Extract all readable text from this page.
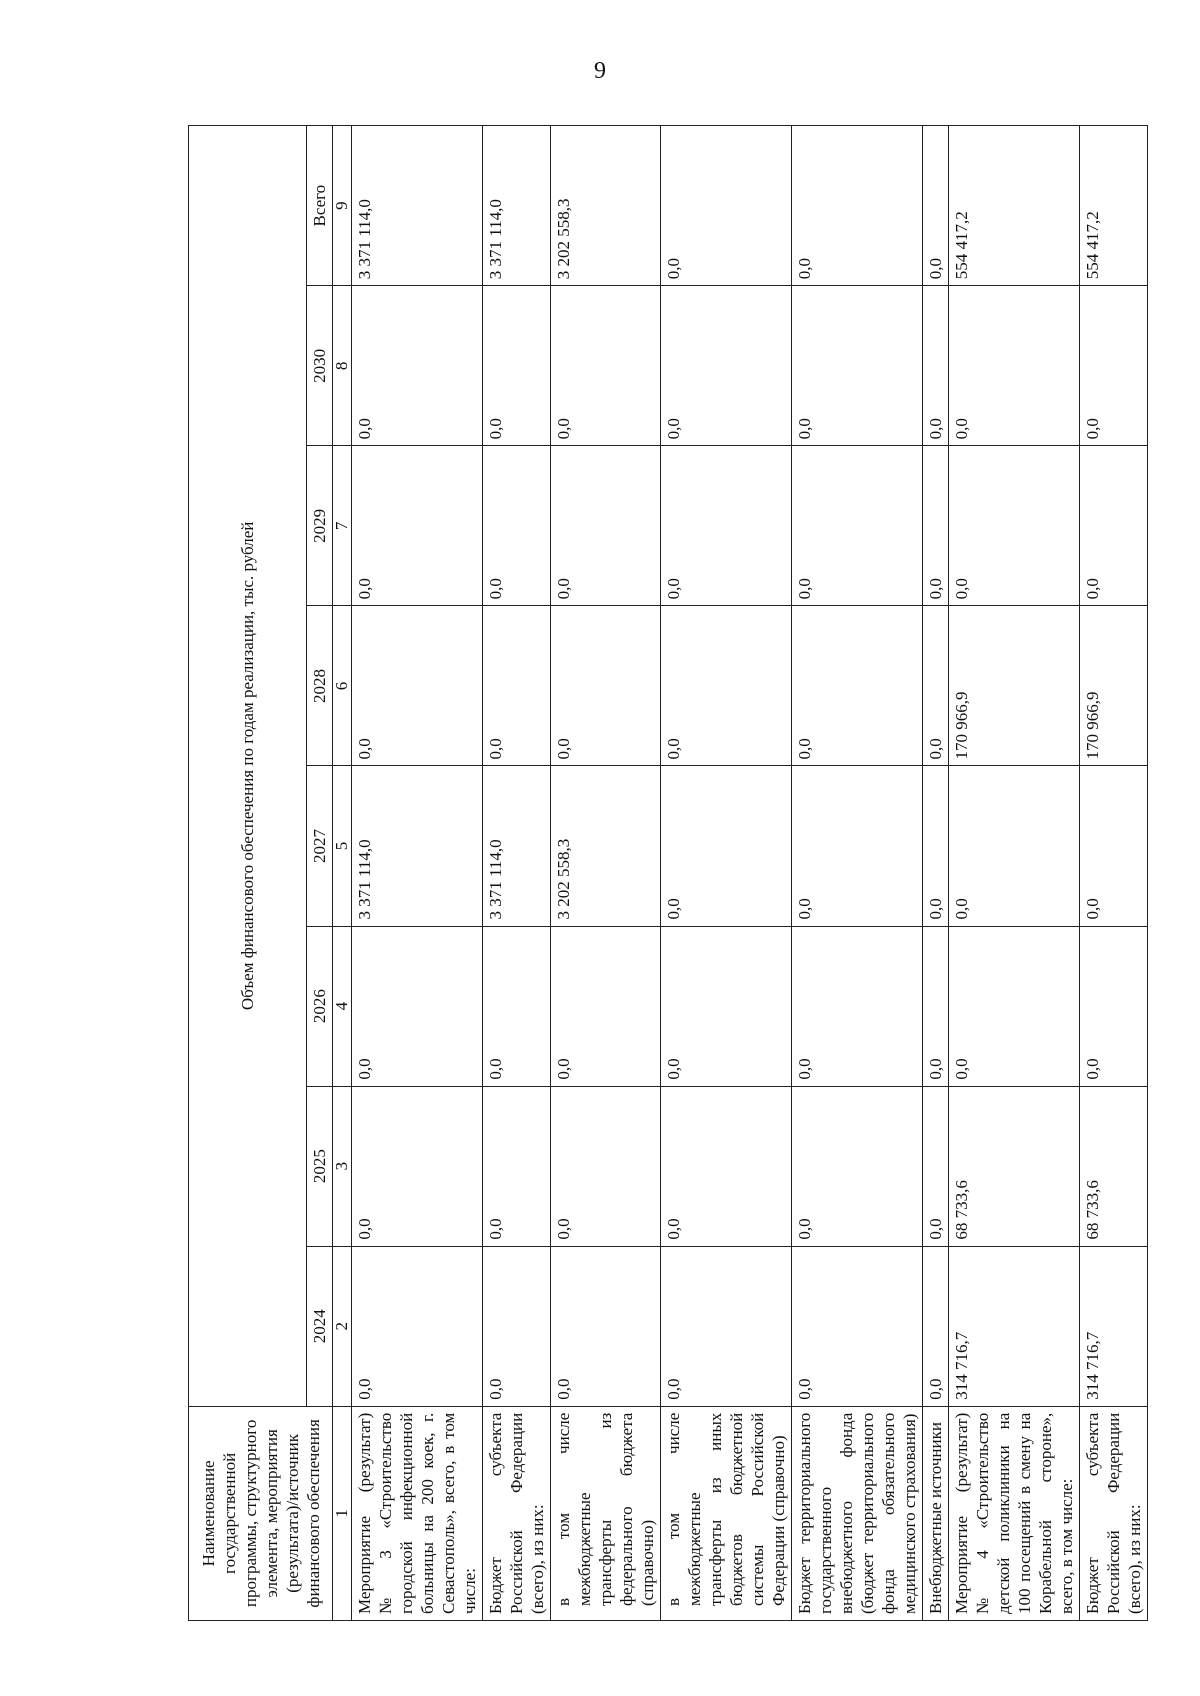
9
Наименование государственной программы, структурного элемента, мероприятия (результата)/источник финансового обеспечения	Объем финансового обеспечения по годам реализации, тыс. рублей							
	2024	2025	2026	2027	2028	2029	2030	Всего
1	2	3	4	5	6	7	8	9
Мероприятие (результат) № 3 «Строительство городской инфекционной больницы на 200 коек, г. Севастополь», всего, в том числе:	0,0	0,0	0,0	3 371 114,0	0,0	0,0	0,0	3 371 114,0
Бюджет субъекта Российской Федерации (всего), из них:	0,0	0,0	0,0	3 371 114,0	0,0	0,0	0,0	3 371 114,0
в том числе межбюджетные трансферты из федерального бюджета (справочно)	0,0	0,0	0,0	3 202 558,3	0,0	0,0	0,0	3 202 558,3
в том числе межбюджетные трансферты из иных бюджетов бюджетной системы Российской Федерации (справочно)	0,0	0,0	0,0	0,0	0,0	0,0	0,0	0,0
Бюджет территориального государственного внебюджетного фонда (бюджет территориального фонда обязательного медицинского страхования)	0,0	0,0	0,0	0,0	0,0	0,0	0,0	0,0
Внебюджетные источники	0,0	0,0	0,0	0,0	0,0	0,0	0,0	0,0
Мероприятие (результат) № 4 «Строительство детской поликлиники на 100 посещений в смену на Корабельной стороне», всего, в том числе:	314 716,7	68 733,6	0,0	0,0	170 966,9	0,0	0,0	554 417,2
Бюджет субъекта Российской Федерации (всего), из них:	314 716,7	68 733,6	0,0	0,0	170 966,9	0,0	0,0	554 417,2
